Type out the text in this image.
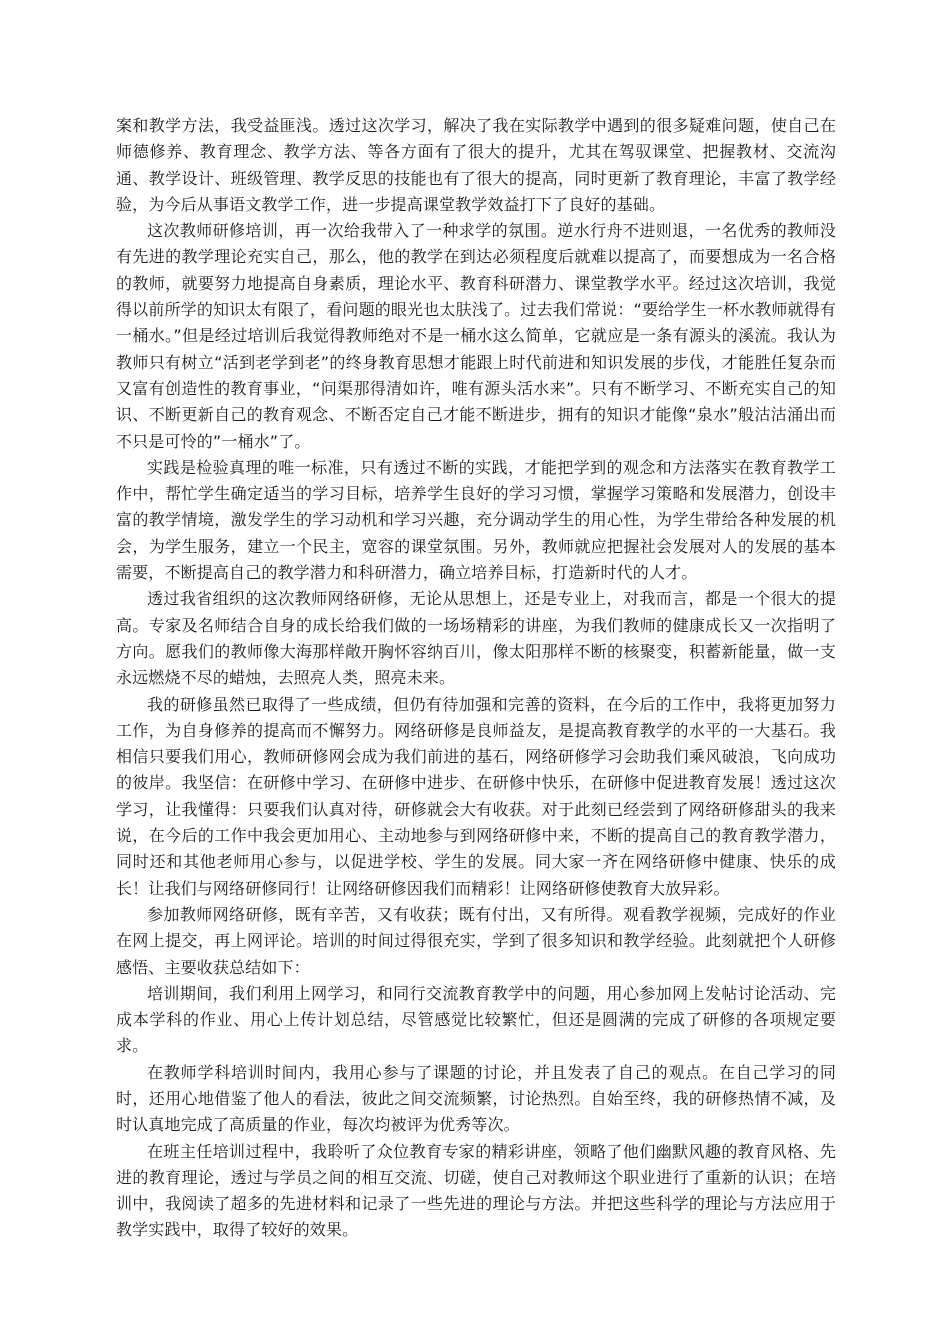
案和教学方法，我受益匪浅。透过这次学习，解决了我在实际教学中遇到的很多疑难问题，使自己在师德修养、教育理念、教学方法、等各方面有了很大的提升，尤其在驾驭课堂、把握教材、交流沟通、教学设计、班级管理、教学反思的技能也有了很大的提高，同时更新了教育理论，丰富了教学经验，为今后从事语文教学工作，进一步提高课堂教学效益打下了良好的基础。

这次教师研修培训，再一次给我带入了一种求学的氛围。逆水行舟不进则退，一名优秀的教师没有先进的教学理论充实自己，那么，他的教学在到达必须程度后就难以提高了，而要想成为一名合格的教师，就要努力地提高自身素质，理论水平、教育科研潜力、课堂教学水平。经过这次培训，我觉得以前所学的知识太有限了，看问题的眼光也太肤浅了。过去我们常说：“要给学生一杯水教师就得有一桶水。”但是经过培训后我觉得教师绝对不是一桶水这么简单，它就应是一条有源头的溪流。我认为教师只有树立“活到老学到老”的终身教育思想才能跟上时代前进和知识发展的步伐，才能胜任复杂而又富有创造性的教育事业，“问渠那得清如许，唯有源头活水来”。只有不断学习、不断充实自己的知识、不断更新自己的教育观念、不断否定自己才能不断进步，拥有的知识才能像“泉水”般沽沽涌出而不只是可怜的”一桶水”了。

实践是检验真理的唯一标准，只有透过不断的实践，才能把学到的观念和方法落实在教育教学工作中，帮忙学生确定适当的学习目标，培养学生良好的学习习惯，掌握学习策略和发展潜力，创设丰富的教学情境，激发学生的学习动机和学习兴趣，充分调动学生的用心性，为学生带给各种发展的机会，为学生服务，建立一个民主，宽容的课堂氛围。另外，教师就应把握社会发展对人的发展的基本需要，不断提高自己的教学潜力和科研潜力，确立培养目标，打造新时代的人才。

透过我省组织的这次教师网络研修，无论从思想上，还是专业上，对我而言，都是一个很大的提高。专家及名师结合自身的成长给我们做的一场场精彩的讲座，为我们教师的健康成长又一次指明了方向。愿我们的教师像大海那样敞开胸怀容纳百川，像太阳那样不断的核聚变，积蓄新能量，做一支永远燃烧不尽的蜡烛，去照亮人类，照亮未来。

我的研修虽然已取得了一些成绩，但仍有待加强和完善的资料，在今后的工作中，我将更加努力工作，为自身修养的提高而不懈努力。网络研修是良师益友，是提高教育教学的水平的一大基石。我相信只要我们用心，教师研修网会成为我们前进的基石，网络研修学习会助我们乘风破浪，飞向成功的彼岸。我坚信：在研修中学习、在研修中进步、在研修中快乐，在研修中促进教育发展！透过这次学习，让我懂得：只要我们认真对待，研修就会大有收获。对于此刻已经尝到了网络研修甜头的我来说，在今后的工作中我会更加用心、主动地参与到网络研修中来，不断的提高自己的教育教学潜力，同时还和其他老师用心参与，以促进学校、学生的发展。同大家一齐在网络研修中健康、快乐的成长！让我们与网络研修同行！让网络研修因我们而精彩！让网络研修使教育大放异彩。

参加教师网络研修，既有辛苦，又有收获；既有付出，又有所得。观看教学视频，完成好的作业在网上提交，再上网评论。培训的时间过得很充实，学到了很多知识和教学经验。此刻就把个人研修感悟、主要收获总结如下：

培训期间，我们利用上网学习，和同行交流教育教学中的问题，用心参加网上发帖讨论活动、完成本学科的作业、用心上传计划总结，尽管感觉比较繁忙，但还是圆满的完成了研修的各项规定要求。

在教师学科培训时间内，我用心参与了课题的讨论，并且发表了自己的观点。在自己学习的同时，还用心地借鉴了他人的看法，彼此之间交流频繁，讨论热烈。自始至终，我的研修热情不减，及时认真地完成了高质量的作业，每次均被评为优秀等次。

在班主任培训过程中，我聆听了众位教育专家的精彩讲座，领略了他们幽默风趣的教育风格、先进的教育理论，透过与学员之间的相互交流、切磋，使自己对教师这个职业进行了重新的认识；在培训中，我阅读了超多的先进材料和记录了一些先进的理论与方法。并把这些科学的理论与方法应用于教学实践中，取得了较好的效果。
